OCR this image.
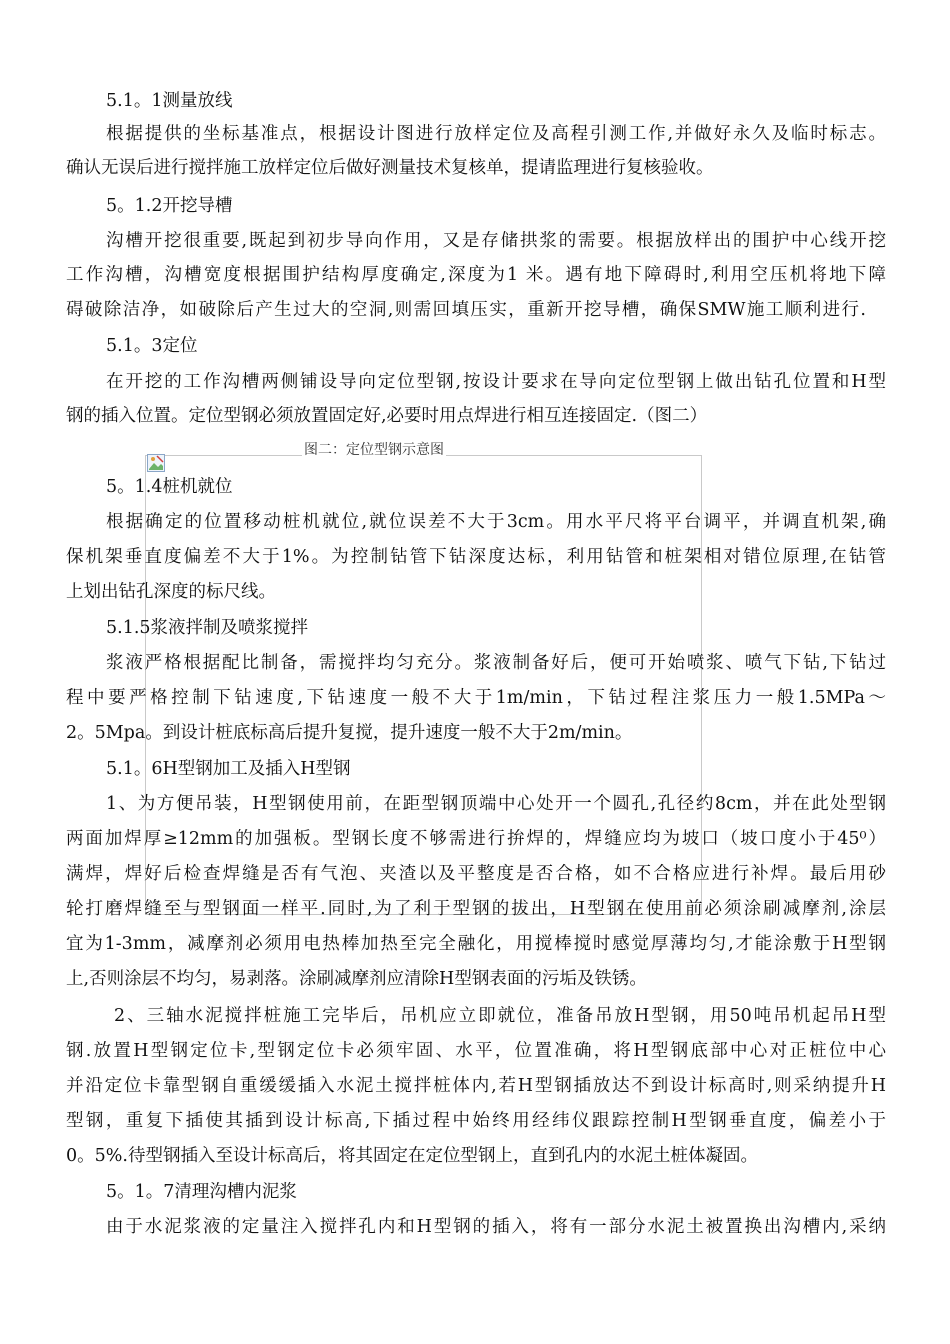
5.1。1测量放线
根据提供的坐标基准点，根据设计图进行放样定位及高程引测工作,并做好永久及临时标志。
确认无误后进行搅拌施工放样定位后做好测量技术复核单，提请监理进行复核验收。
5。1.2开挖导槽
沟槽开挖很重要,既起到初步导向作用，又是存储拱浆的需要。根据放样出的围护中心线开挖
工作沟槽，沟槽宽度根据围护结构厚度确定,深度为1 米。遇有地下障碍时,利用空压机将地下障
碍破除洁净，如破除后产生过大的空洞,则需回填压实，重新开挖导槽，确保SMW施工顺利进行.
5.1。3定位
在开挖的工作沟槽两侧铺设导向定位型钢,按设计要求在导向定位型钢上做出钻孔位置和H型
钢的插入位置。定位型钢必须放置固定好,必要时用点焊进行相互连接固定.（图二）
图二：定位型钢示意图
5。1.4桩机就位
根据确定的位置移动桩机就位,就位误差不大于3cm。用水平尺将平台调平，并调直机架,确
保机架垂直度偏差不大于1%。为控制钻管下钻深度达标，利用钻管和桩架相对错位原理,在钻管
上划出钻孔深度的标尺线。
5.1.5浆液拌制及喷浆搅拌
浆液严格根据配比制备，需搅拌均匀充分。浆液制备好后，便可开始喷浆、喷气下钻,下钻过
程中要严格控制下钻速度,下钻速度一般不大于1m/min，下钻过程注浆压力一般1.5MPa～
2。5Mpa。到设计桩底标高后提升复搅，提升速度一般不大于2m/min。
5.1。6H型钢加工及插入H型钢
1、为方便吊装，H型钢使用前，在距型钢顶端中心处开一个圆孔,孔径约8cm，并在此处型钢
两面加焊厚≥12mm的加强板。型钢长度不够需进行拚焊的，焊缝应均为坡口（坡口度小于45⁰）
满焊，焊好后检查焊缝是否有气泡、夹渣以及平整度是否合格，如不合格应进行补焊。最后用砂
轮打磨焊缝至与型钢面一样平.同时,为了利于型钢的拔出，H型钢在使用前必须涂刷减摩剂,涂层
宜为1-3mm，减摩剂必须用电热棒加热至完全融化，用搅棒搅时感觉厚薄均匀,才能涂敷于H型钢
上,否则涂层不均匀，易剥落。涂刷减摩剂应清除H型钢表面的污垢及铁锈。
2、三轴水泥搅拌桩施工完毕后，吊机应立即就位，准备吊放H型钢，用50吨吊机起吊H型
钢.放置H型钢定位卡,型钢定位卡必须牢固、水平，位置准确，将H型钢底部中心对正桩位中心
并沿定位卡靠型钢自重缓缓插入水泥土搅拌桩体内,若H型钢插放达不到设计标高时,则采纳提升H
型钢，重复下插使其插到设计标高,下插过程中始终用经纬仪跟踪控制H型钢垂直度，偏差小于
0。5%.待型钢插入至设计标高后，将其固定在定位型钢上，直到孔内的水泥土桩体凝固。
5。1。7清理沟槽内泥浆
由于水泥浆液的定量注入搅拌孔内和H型钢的插入，将有一部分水泥土被置换出沟槽内,采纳
